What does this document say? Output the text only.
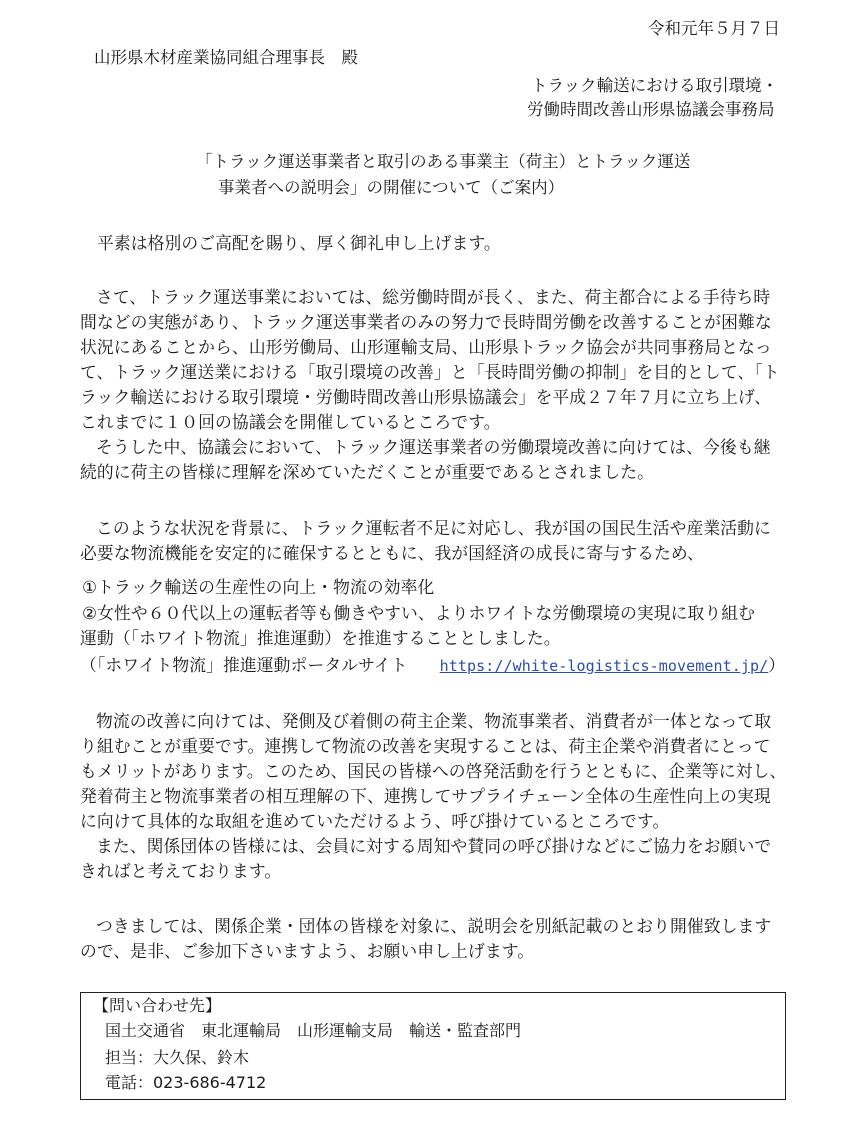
令和元年５月７日
山形県木材産業協同組合理事長　殿
トラック輸送における取引環境・
労働時間改善山形県協議会事務局
「トラック運送事業者と取引のある事業主（荷主）とトラック運送
事業者への説明会」の開催について（ご案内）
平素は格別のご高配を賜り、厚く御礼申し上げます。
さて、トラック運送事業においては、総労働時間が長く、また、荷主都合による手待ち時
間などの実態があり、トラック運送事業者のみの努力で長時間労働を改善することが困難な
状況にあることから、山形労働局、山形運輸支局、山形県トラック協会が共同事務局となっ
て、トラック運送業における「取引環境の改善」と「長時間労働の抑制」を目的として、「ト
ラック輸送における取引環境・労働時間改善山形県協議会」を平成２７年７月に立ち上げ、
これまでに１０回の協議会を開催しているところです。
そうした中、協議会において、トラック運送事業者の労働環境改善に向けては、今後も継
続的に荷主の皆様に理解を深めていただくことが重要であるとされました。
このような状況を背景に、トラック運転者不足に対応し、我が国の国民生活や産業活動に
必要な物流機能を安定的に確保するとともに、我が国経済の成長に寄与するため、
①トラック輸送の生産性の向上・物流の効率化
②女性や６０代以上の運転者等も働きやすい、よりホワイトな労働環境の実現に取り組む
運動（「ホワイト物流」推進運動）を推進することとしました。
（「ホワイト物流」推進運動ポータルサイト https://white-logistics-movement.jp/）
物流の改善に向けては、発側及び着側の荷主企業、物流事業者、消費者が一体となって取
り組むことが重要です。連携して物流の改善を実現することは、荷主企業や消費者にとって
もメリットがあります。このため、国民の皆様への啓発活動を行うとともに、企業等に対し、
発着荷主と物流事業者の相互理解の下、連携してサプライチェーン全体の生産性向上の実現
に向けて具体的な取組を進めていただけるよう、呼び掛けているところです。
また、関係団体の皆様には、会員に対する周知や賛同の呼び掛けなどにご協力をお願いで
きればと考えております。
つきましては、関係企業・団体の皆様を対象に、説明会を別紙記載のとおり開催致します
ので、是非、ご参加下さいますよう、お願い申し上げます。
【問い合わせ先】
国土交通省　東北運輸局　山形運輸支局　輸送・監査部門
担当：大久保、鈴木
電話：023-686-4712
